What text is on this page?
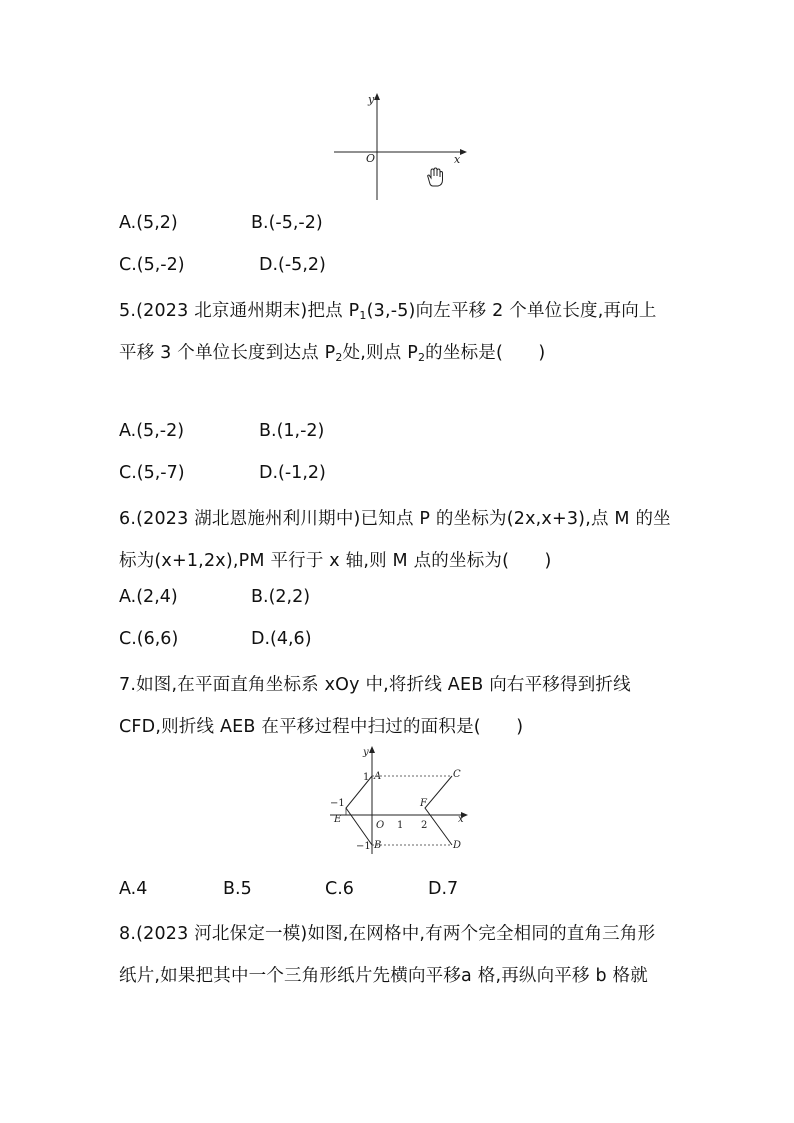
y
x
O
A.(5,2)	B.(-5,-2)
C.(5,-2)	D.(-5,2)
5.(2023 北京通州期末)把点 $P_1(3,-5)$向左平移 2 个单位长度,再向上
平移 3 个单位长度到达点 $P_2$处,则点 $P_2$的坐标是(　　)
A.(5,-2)	B.(1,-2)
C.(5,-7)	D.(-1,2)
6.(2023 湖北恩施州利川期中)已知点 P 的坐标为(2x,x+3),点 M 的坐
标为(x+1,2x),PM 平行于 x 轴,则 M 点的坐标为(　　)
A.(2,4)	B.(2,2)
C.(6,6)	D.(4,6)
7.如图,在平面直角坐标系 xOy 中,将折线 AEB 向右平移得到折线
CFD,则折线 AEB 在平移过程中扫过的面积是(　　)
y
x
O 1 2
−1
1
−1
A
B
C
D
E
F
A.4	B.5	C.6	D.7
8.(2023 河北保定一模)如图,在网格中,有两个完全相同的直角三角形
纸片,如果把其中一个三角形纸片先横向平移a 格,再纵向平移 b 格就
